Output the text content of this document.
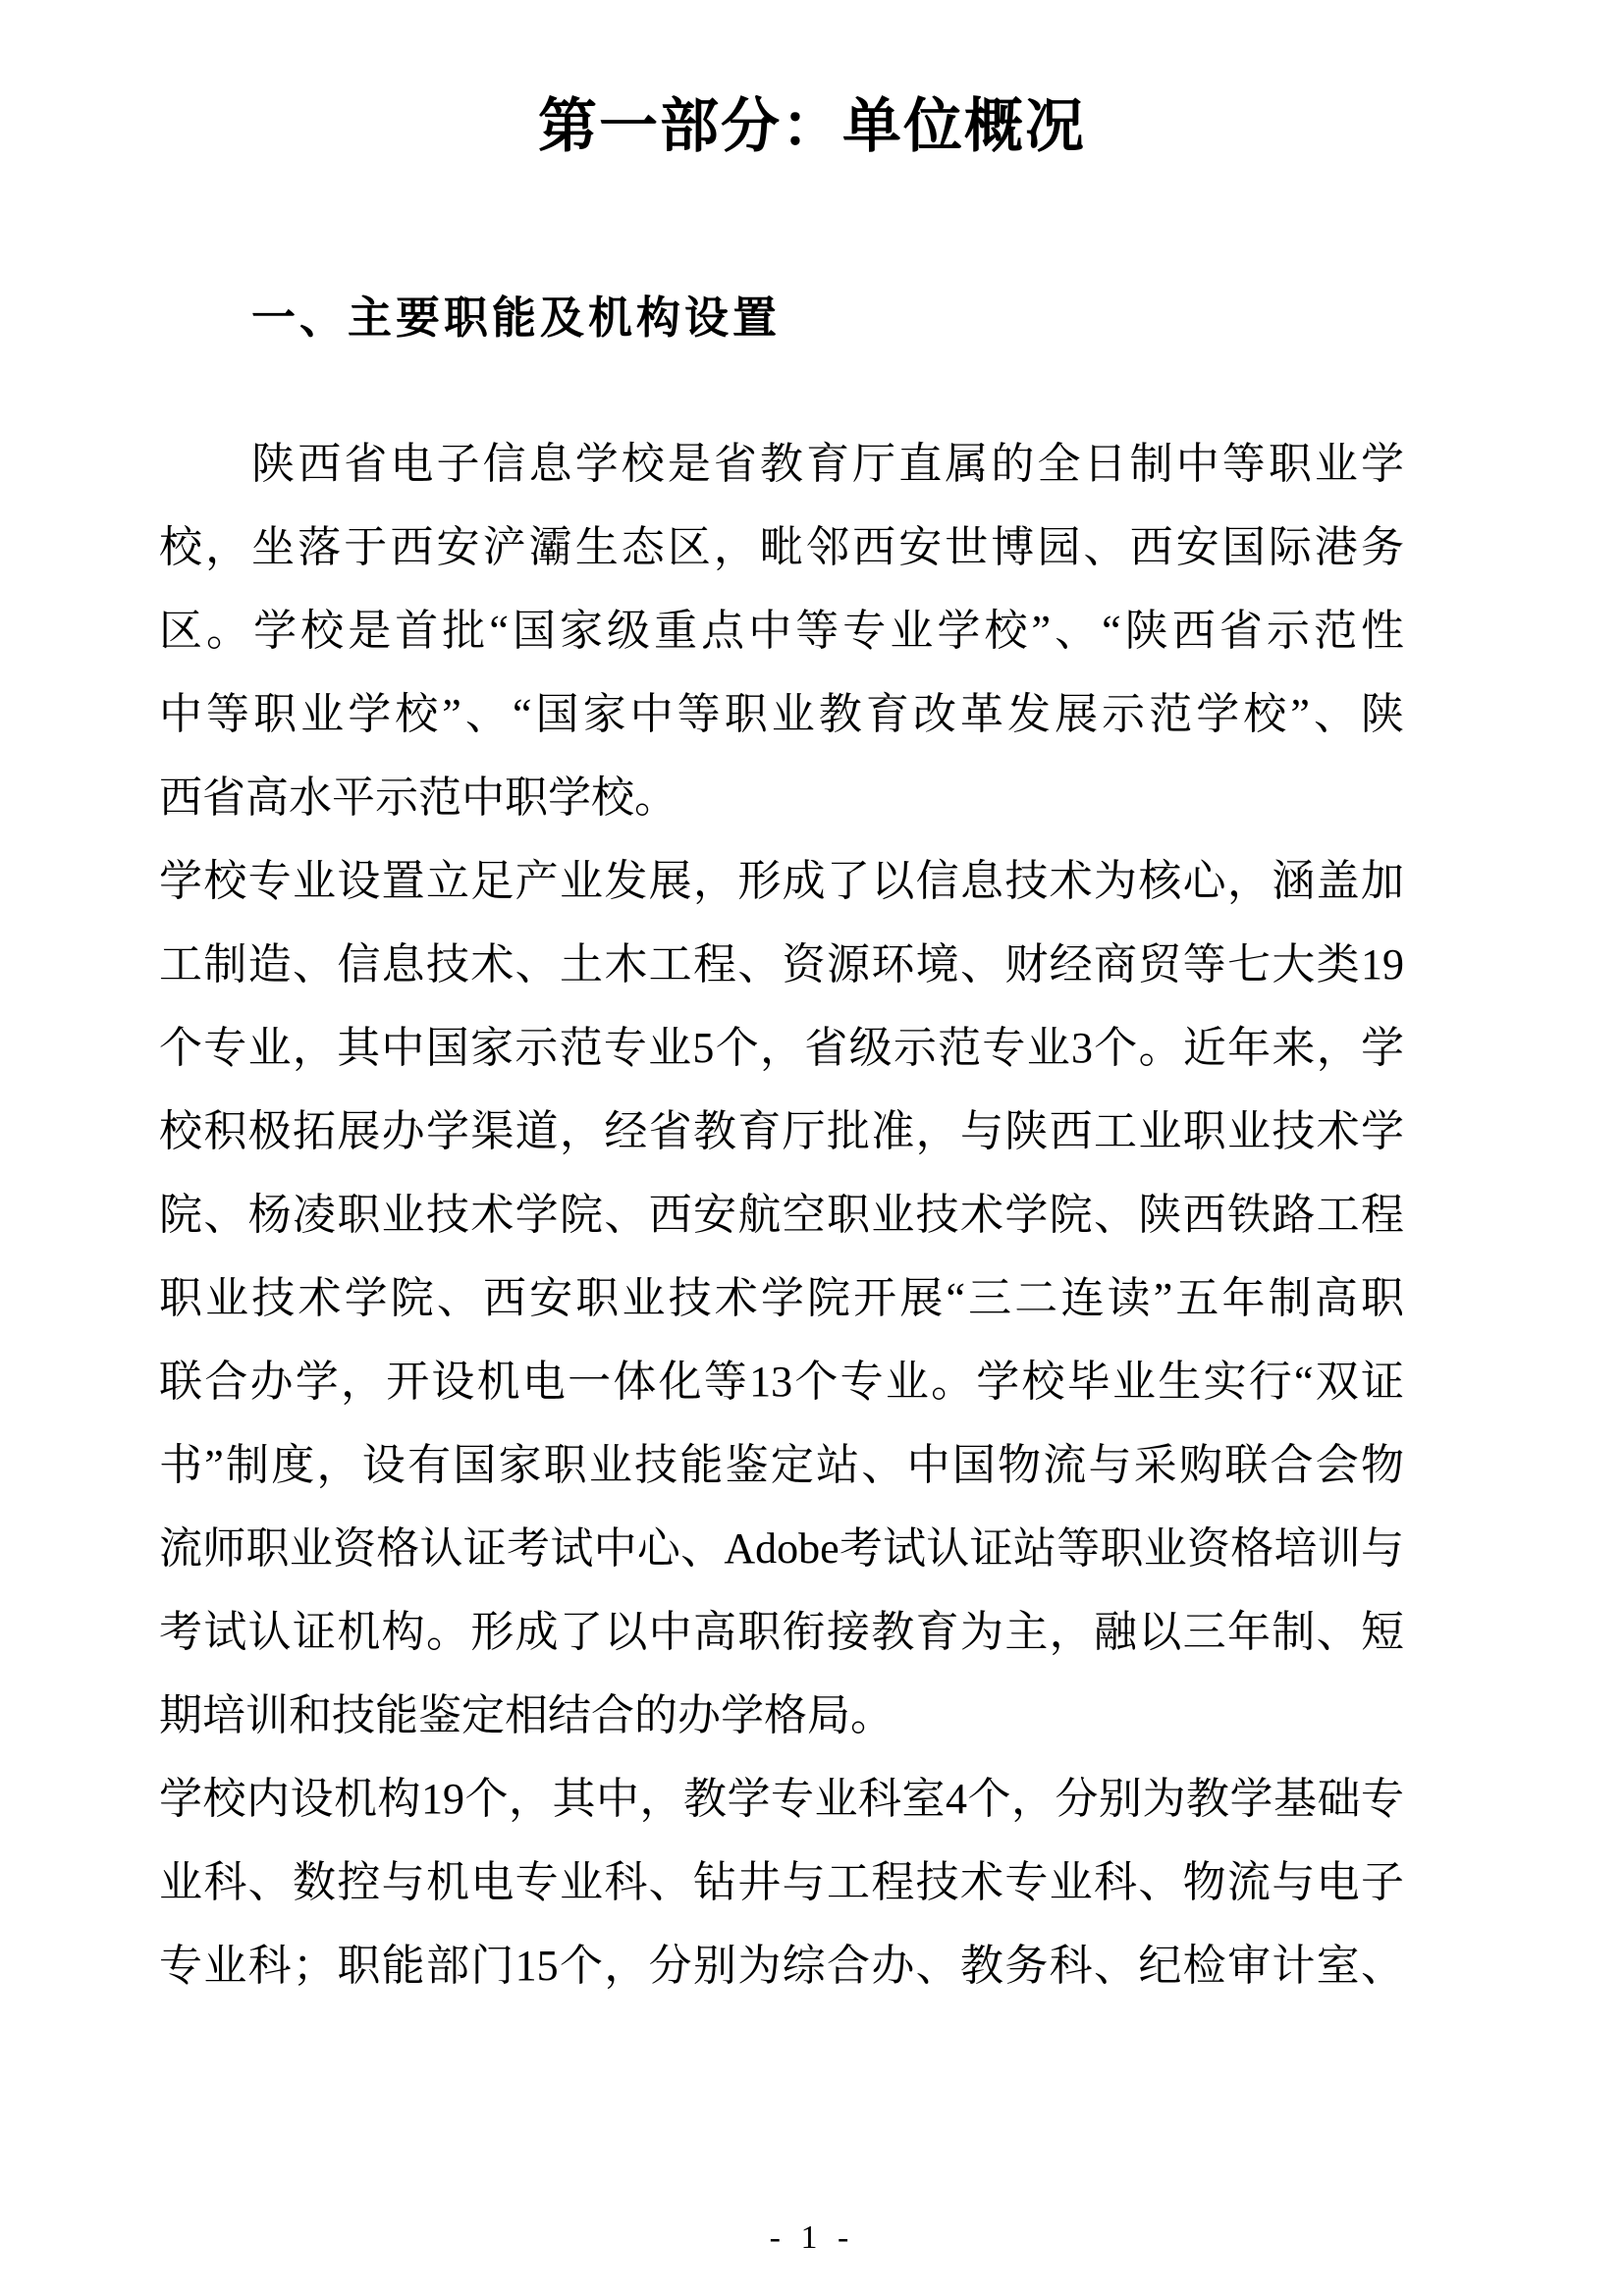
第一部分：单位概况
一、主要职能及机构设置
　　陕西省电子信息学校是省教育厅直属的全日制中等职业学
校，坐落于西安浐灞生态区，毗邻西安世博园、西安国际港务
区。学校是首批“国家级重点中等专业学校”、“陕西省示范性
中等职业学校”、“国家中等职业教育改革发展示范学校”、陕
西省高水平示范中职学校。
学校专业设置立足产业发展，形成了以信息技术为核心，涵盖加
工制造、信息技术、土木工程、资源环境、财经商贸等七大类19
个专业，其中国家示范专业5个，省级示范专业3个。近年来，学
校积极拓展办学渠道，经省教育厅批准，与陕西工业职业技术学
院、杨凌职业技术学院、西安航空职业技术学院、陕西铁路工程
职业技术学院、西安职业技术学院开展“三二连读”五年制高职
联合办学，开设机电一体化等13个专业。学校毕业生实行“双证
书”制度，设有国家职业技能鉴定站、中国物流与采购联合会物
流师职业资格认证考试中心、Adobe考试认证站等职业资格培训与
考试认证机构。形成了以中高职衔接教育为主，融以三年制、短
期培训和技能鉴定相结合的办学格局。
学校内设机构19个，其中，教学专业科室4个，分别为教学基础专
业科、数控与机电专业科、钻井与工程技术专业科、物流与电子
专业科；职能部门15个，分别为综合办、教务科、纪检审计室、
- 1 -
